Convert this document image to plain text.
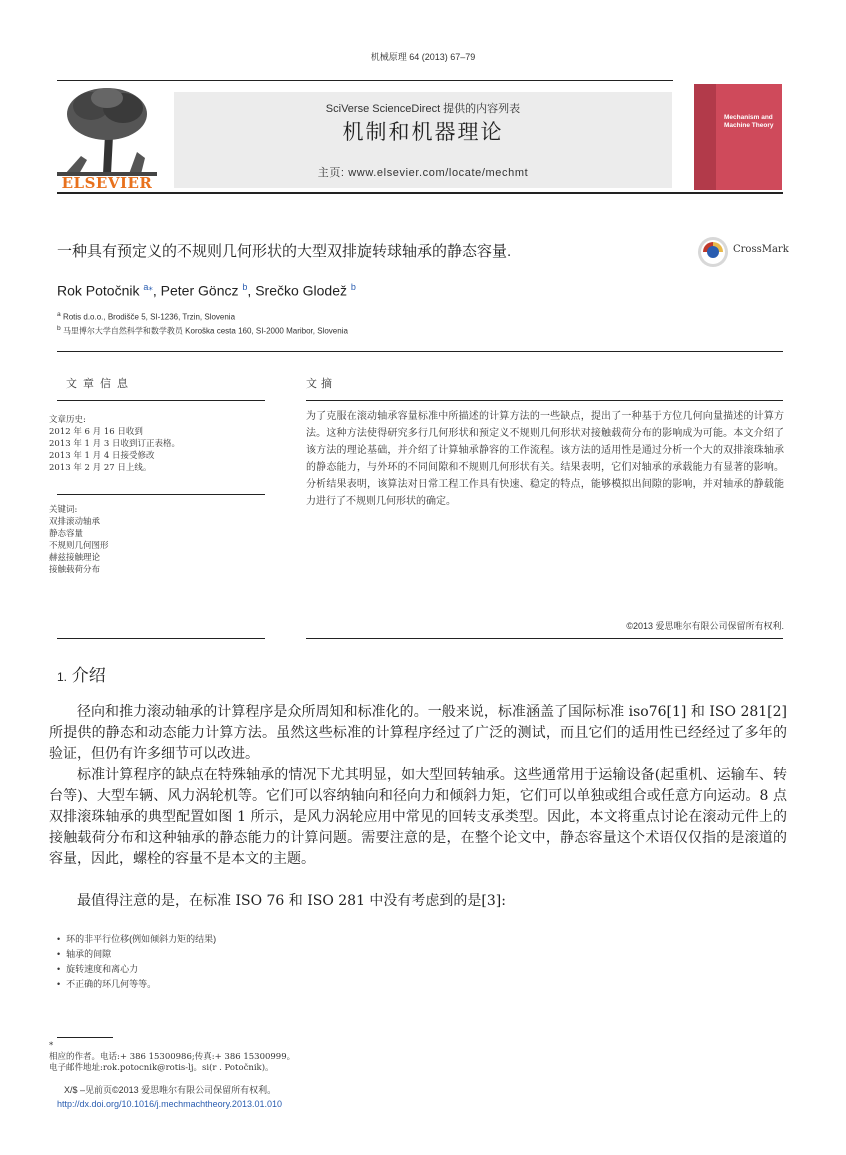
机械原理 64 (2013) 67–79
ELSEVIER
SciVerse ScienceDirect 提供的内容列表
机制和机器理论
主页: www.elsevier.com/locate/mechmt
Mechanism and Machine Theory
一种具有预定义的不规则几何形状的大型双排旋转球轴承的静态容量.	CrossMark
Rok Potočnik $^{a⁎}$, Peter Göncz $^b$, Srečko Glodež $^b$
$^a$ Rotis d.o.o., Brodišče 5, SI-1236, Trzin, Slovenia
$^b$ 马里博尔大学自然科学和数学教员 Koroška cesta 160, SI-2000 Maribor, Slovenia
文章信息	文摘
文章历史:
2012 年 6 月 16 日收到
2013 年 1 月 3 日收到订正表格。
2013 年 1 月 4 日接受修改
2013 年 2 月 27 日上线。
关键词:
双排滚动轴承
静态容量
不规则几何图形
赫兹接触理论
接触载荷分布
为了克服在滚动轴承容量标准中所描述的计算方法的一些缺点，提出了一种基于方位几何向量描述的计算方法。这种方法使得研究多行几何形状和预定义不规则几何形状对接触载荷分布的影响成为可能。本文介绍了该方法的理论基础，并介绍了计算轴承静容的工作流程。该方法的适用性是通过分析一个大的双排滚珠轴承的静态能力，与外环的不同间隙和不规则几何形状有关。结果表明，它们对轴承的承载能力有显著的影响。分析结果表明，该算法对日常工程工作具有快速、稳定的特点，能够模拟出间隙的影响，并对轴承的静载能力进行了不规则几何形状的确定。
©2013 爱思唯尔有限公司保留所有权利.
1. 介绍
径向和推力滚动轴承的计算程序是众所周知和标准化的。一般来说，标准涵盖了国际标准 iso76[1] 和 ISO 281[2]所提供的静态和动态能力计算方法。虽然这些标准的计算程序经过了广泛的测试，而且它们的适用性已经经过了多年的验证，但仍有许多细节可以改进。
标准计算程序的缺点在特殊轴承的情况下尤其明显，如大型回转轴承。这些通常用于运输设备(起重机、运输车、转台等)、大型车辆、风力涡轮机等。它们可以容纳轴向和径向力和倾斜力矩，它们可以单独或组合或任意方向运动。8 点双排滚珠轴承的典型配置如图 1 所示，是风力涡轮应用中常见的回转支承类型。因此，本文将重点讨论在滚动元件上的接触载荷分布和这种轴承的静态能力的计算问题。需要注意的是，在整个论文中，静态容量这个术语仅仅指的是滚道的容量，因此，螺栓的容量不是本文的主题。
最值得注意的是，在标准 ISO 76 和 ISO 281 中没有考虑到的是[3]:
• 环的非平行位移(例如倾斜力矩的结果)
• 轴承的间隙
• 旋转速度和离心力
• 不正确的环几何等等。
*
相应的作者。电话:+ 386 15300986;传真:+ 386 15300999。
电子邮件地址:rok.potocnik@rotis-lj。si(r . Potočnik)。
X/$ –见前页©2013 爱思唯尔有限公司保留所有权利。
http://dx.doi.org/10.1016/j.mechmachtheory.2013.01.010
